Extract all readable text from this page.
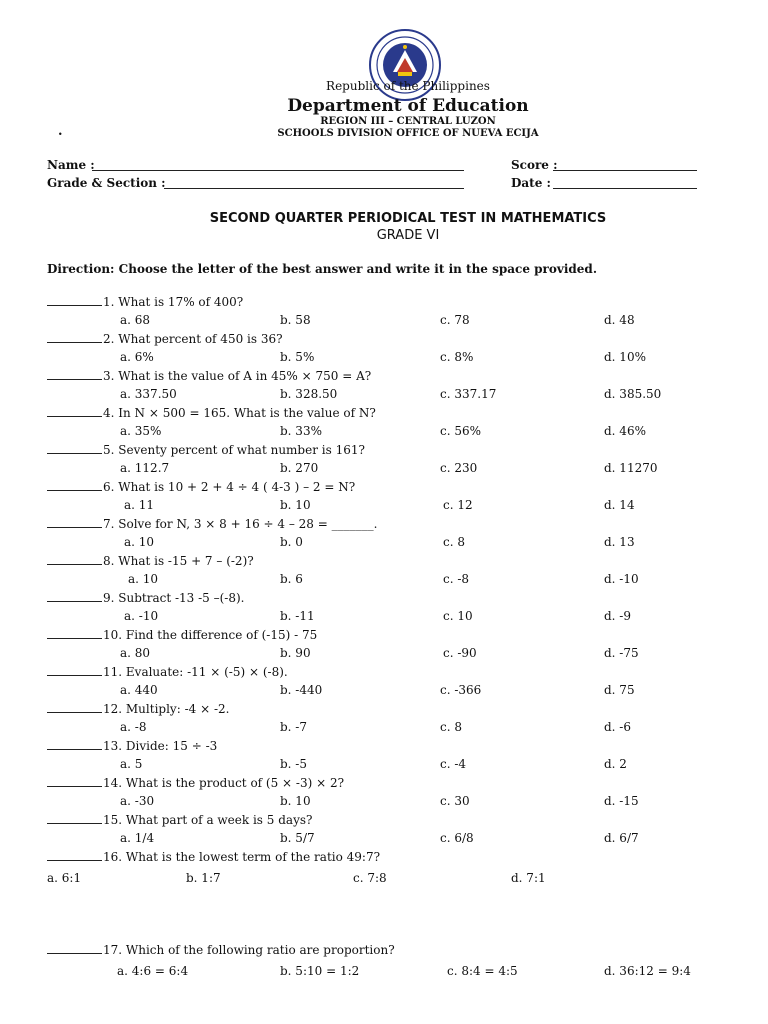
Republic of the Philippines
Department of Education
REGION III – CENTRAL LUZON
SCHOOLS DIVISION OFFICE OF NUEVA ECIJA
.
Name :	Score :
Grade & Section :	Date :
SECOND QUARTER PERIODICAL TEST IN MATHEMATICS
GRADE VI
Direction: Choose the letter of the best answer and write it in the space provided.
1. What is 17% of 400?
a. 68	b. 58	c. 78	d. 48
2. What percent of 450 is 36?
a. 6%	b. 5%	c. 8%	d. 10%
3. What is the value of A in 45% × 750 = A?
a. 337.50	b. 328.50	c. 337.17	d. 385.50
4. In N × 500 = 165. What is the value of N?
a. 35%	b. 33%	c. 56%	d. 46%
5. Seventy percent of what number is 161?
a. 112.7	b. 270	c. 230	d. 11270
6. What is 10 + 2 + 4 ÷ 4 ( 4-3 ) – 2 = N?
a. 11	b. 10	c. 12	d. 14
7. Solve for N, 3 × 8 + 16 ÷ 4 – 28 = _______.
a. 10	b. 0	c. 8	d. 13
8. What is -15 + 7 – (-2)?
a. 10	b. 6	c. -8	d. -10
9. Subtract -13 -5 –(-8).
a. -10	b. -11	c. 10	d. -9
10. Find the difference of (-15) - 75
a. 80	b. 90	c. -90	d. -75
11. Evaluate: -11 × (-5) × (-8).
a. 440	b. -440	c. -366	d. 75
12. Multiply: -4 × -2.
a. -8	b. -7	c. 8	d. -6
13. Divide: 15 ÷ -3
a. 5	b. -5	c. -4	d. 2
14. What is the product of (5 × -3) × 2?
a. -30	b. 10	c. 30	d. -15
15. What part of a week is 5 days?
a. 1/4	b. 5/7	c. 6/8	d. 6/7
16. What is the lowest term of the ratio 49:7?
a. 6:1	b. 1:7	c. 7:8	d. 7:1
17. Which of the following ratio are proportion?
a. 4:6 = 6:4	b. 5:10 = 1:2	c. 8:4 = 4:5	d. 36:12 = 9:4
